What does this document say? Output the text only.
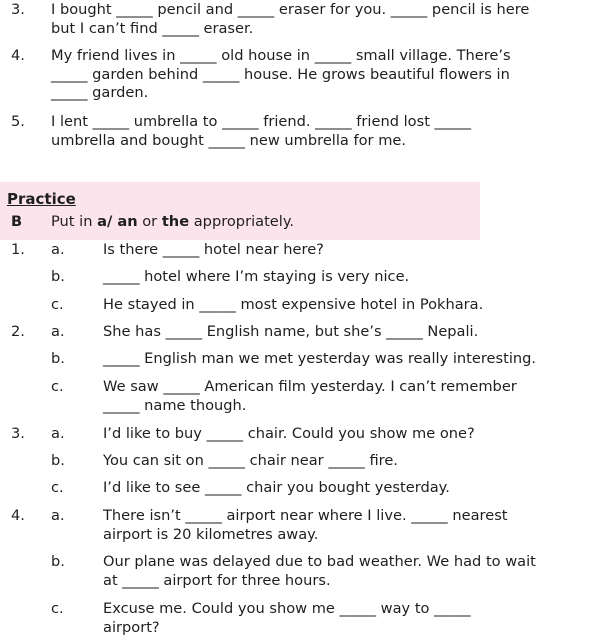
3. I bought _____ pencil and _____ eraser for you. _____ pencil is here
but I can’t find _____ eraser.
4. My friend lives in _____ old house in _____ small village. There’s
_____ garden behind _____ house. He grows beautiful flowers in
_____ garden.
5. I lent _____ umbrella to _____ friend. _____ friend lost _____
umbrella and bought _____ new umbrella for me.
Practice
B Put in a/ an or the appropriately.
1. a.	Is there _____ hotel near here?
b.	_____ hotel where I’m staying is very nice.
c.	He stayed in _____ most expensive hotel in Pokhara.
2. a.	She has _____ English name, but she’s _____ Nepali.
b.	_____ English man we met yesterday was really interesting.
c.	We saw _____ American film yesterday. I can’t remember
_____ name though.
3. a.	I’d like to buy _____ chair. Could you show me one?
b.	You can sit on _____ chair near _____ fire.
c.	I’d like to see _____ chair you bought yesterday.
4. a.	There isn’t _____ airport near where I live. _____ nearest
airport is 20 kilometres away.
b.	Our plane was delayed due to bad weather. We had to wait
at _____ airport for three hours.
c.	Excuse me. Could you show me _____ way to _____
airport?
